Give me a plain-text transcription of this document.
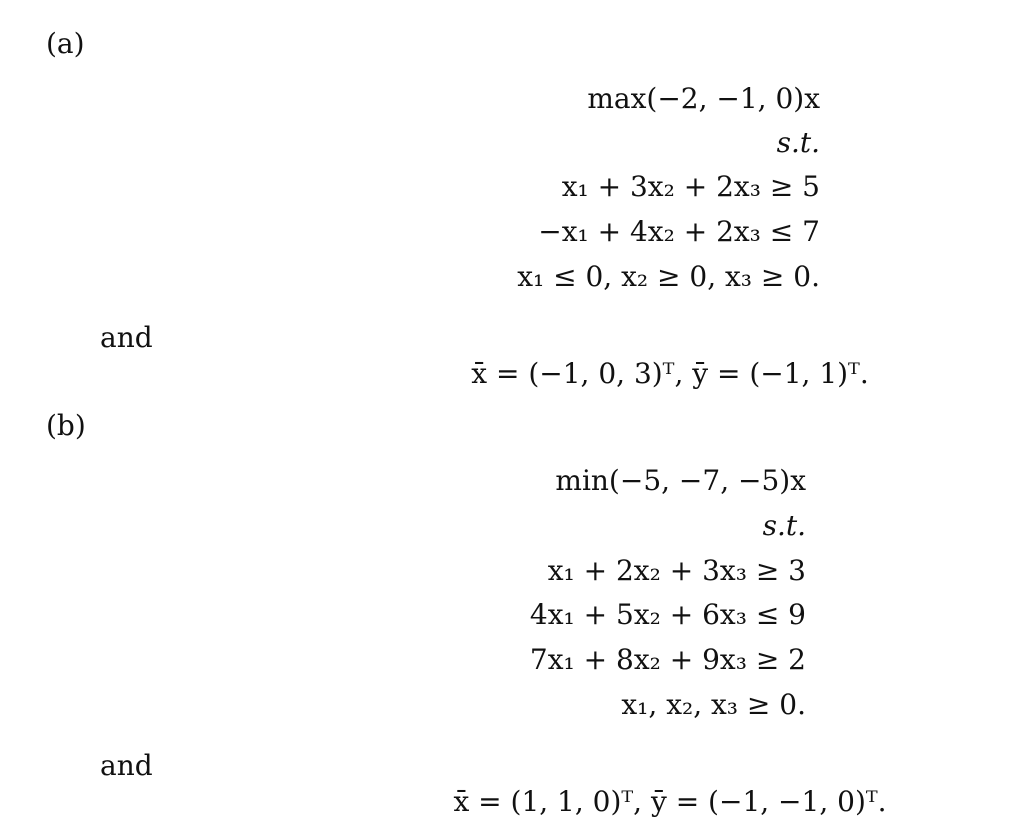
(a)
max(−2, −1, 0)x
s.t.
x₁ + 3x₂ + 2x₃ ≥ 5
−x₁ + 4x₂ + 2x₃ ≤ 7
x₁ ≤ 0, x₂ ≥ 0, x₃ ≥ 0.
and
x̄ = (−1, 0, 3)ᵀ, ȳ = (−1, 1)ᵀ.
(b)
min(−5, −7, −5)x
s.t.
x₁ + 2x₂ + 3x₃ ≥ 3
4x₁ + 5x₂ + 6x₃ ≤ 9
7x₁ + 8x₂ + 9x₃ ≥ 2
x₁, x₂, x₃ ≥ 0.
and
x̄ = (1, 1, 0)ᵀ, ȳ = (−1, −1, 0)ᵀ.
